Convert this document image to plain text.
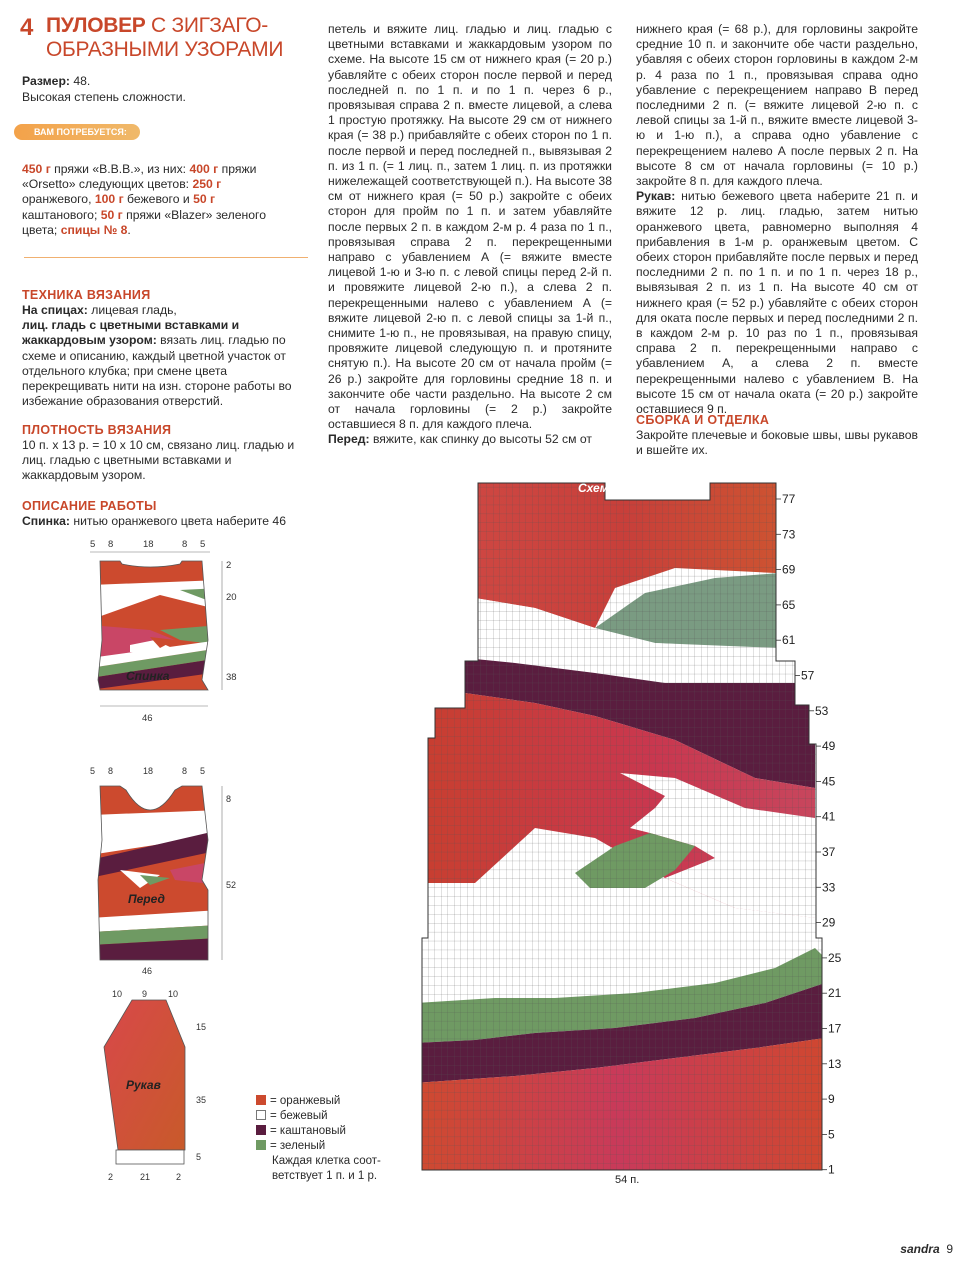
4 ПУЛОВЕР С ЗИГЗАГО-ОБРАЗНЫМИ УЗОРАМИ
Размер: 48.
Высокая степень сложности.
ВАМ ПОТРЕБУЕТСЯ:
450 г пряжи «B.B.B.», из них: 400 г пряжи «Orsetto» следующих цветов: 250 г оранжевого, 100 г бежевого и 50 г каштанового; 50 г пряжи «Blazer» зеленого цвета; спицы № 8.
ТЕХНИКА ВЯЗАНИЯ
На спицах: лицевая гладь,
лиц. гладь с цветными вставками и жаккардовым узором: вязать лиц. гладью по схеме и описанию, каждый цветной участок от отдельного клубка; при смене цвета перекрещивать нити на изн. стороне работы во избежание образования отверстий.
ПЛОТНОСТЬ ВЯЗАНИЯ
10 п. х 13 р. = 10 х 10 см, связано лиц. гладью и лиц. гладью с цветными вставками и жаккардовым узором.
ОПИСАНИЕ РАБОТЫ
Спинка: нитью оранжевого цвета наберите 46
петель и вяжите лиц. гладью и лиц. гладью с цветными вставками и жаккардовым узором по схеме. На высоте 15 см от нижнего края (= 20 р.) убавляйте с обеих сторон после первой и перед последней п. по 1 п. и по 1 п. через 6 р., провязывая справа 2 п. вместе лицевой, а слева 1 простую протяжку. На высоте 29 см от нижнего края (= 38 р.) прибавляйте с обеих сторон по 1 п. после первой и перед последней п., вывязывая 2 п. из 1 п. (= 1 лиц. п., затем 1 лиц. п. из протяжки нижележащей соответствующей п.). На высоте 38 см от нижнего края (= 50 р.) закройте с обеих сторон для пройм по 1 п. и затем убавляйте после первых 2 п. в каждом 2-м р. 4 раза по 1 п., провязывая справа 2 п. перекрещенными направо с убавлением А (= вяжите вместе лицевой 1-ю и 3-ю п. с левой спицы перед 2-й п. и провяжите лицевой 2-ю п.), а слева 2 п. перекрещенными налево с убавлением А (= вяжите лицевой 2-ю п. с левой спицы за 1-й п., снимите 1-ю п., не провязывая, на правую спицу, провяжите лицевой следующую п. и протяните снятую п.). На высоте 20 см от начала пройм (= 26 р.) закройте для горловины средние 18 п. и закончите обе части раздельно. На высоте 2 см от начала горловины (= 2 р.) закройте оставшиеся 8 п. для каждого плеча.
Перед: вяжите, как спинку до высоты 52 см от
нижнего края (= 68 р.), для горловины закройте средние 10 п. и закончите обе части раздельно, убавляя с обеих сторон горловины в каждом 2-м р. 4 раза по 1 п., провязывая справа одно убавление с перекрещением направо В перед последними 2 п. (= вяжите лицевой 2-ю п. с левой спицы за 1-й п., вяжите вместе лицевой 3-ю и 1-ю п.), а справа одно убавление с перекрещением налево А после первых 2 п. На высоте 8 см от начала горловины (= 10 р.) закройте 8 п. для каждого плеча.
Рукав: нитью бежевого цвета наберите 21 п. и вяжите 12 р. лиц. гладью, затем нитью оранжевого цвета, равномерно выполняя 4 прибавления в 1-м р. оранжевым цветом. С обеих сторон прибавляйте после первых и перед последними 2 п. по 1 п. и по 1 п. через 18 р., вывязывая 2 п. из 1 п. На высоте 40 см от нижнего края (= 52 р.) убавляйте с обеих сторон для оката после первых и перед последними 2 п. в каждом 2-м р. 10 раз по 1 п., провязывая справа 2 п. перекрещенными направо с убавлением А, а слева 2 п. вместе перекрещенными налево с убавлением В. На высоте 15 см от начала оката (= 20 р.) закройте оставшиеся 9 п.
СБОРКА И ОТДЕЛКА
Закройте плечевые и боковые швы, швы рукавов и вшейте их.
5 8	18	8 5
2
20
38
46
Спинка
5 8	18	8 5
8
52
46
Перед
10 9 10
15
35
5
2	21	2
Рукав
= оранжевый
= бежевый
= каштановый
= зеленый
Каждая клетка соот-
ветствует 1 п. и 1 р.
Схема спинки
77
73
69
65
61
57
53
49
45
41
37
33
29
25
21
17
13
9
5
1
54 п.
sandra 9
